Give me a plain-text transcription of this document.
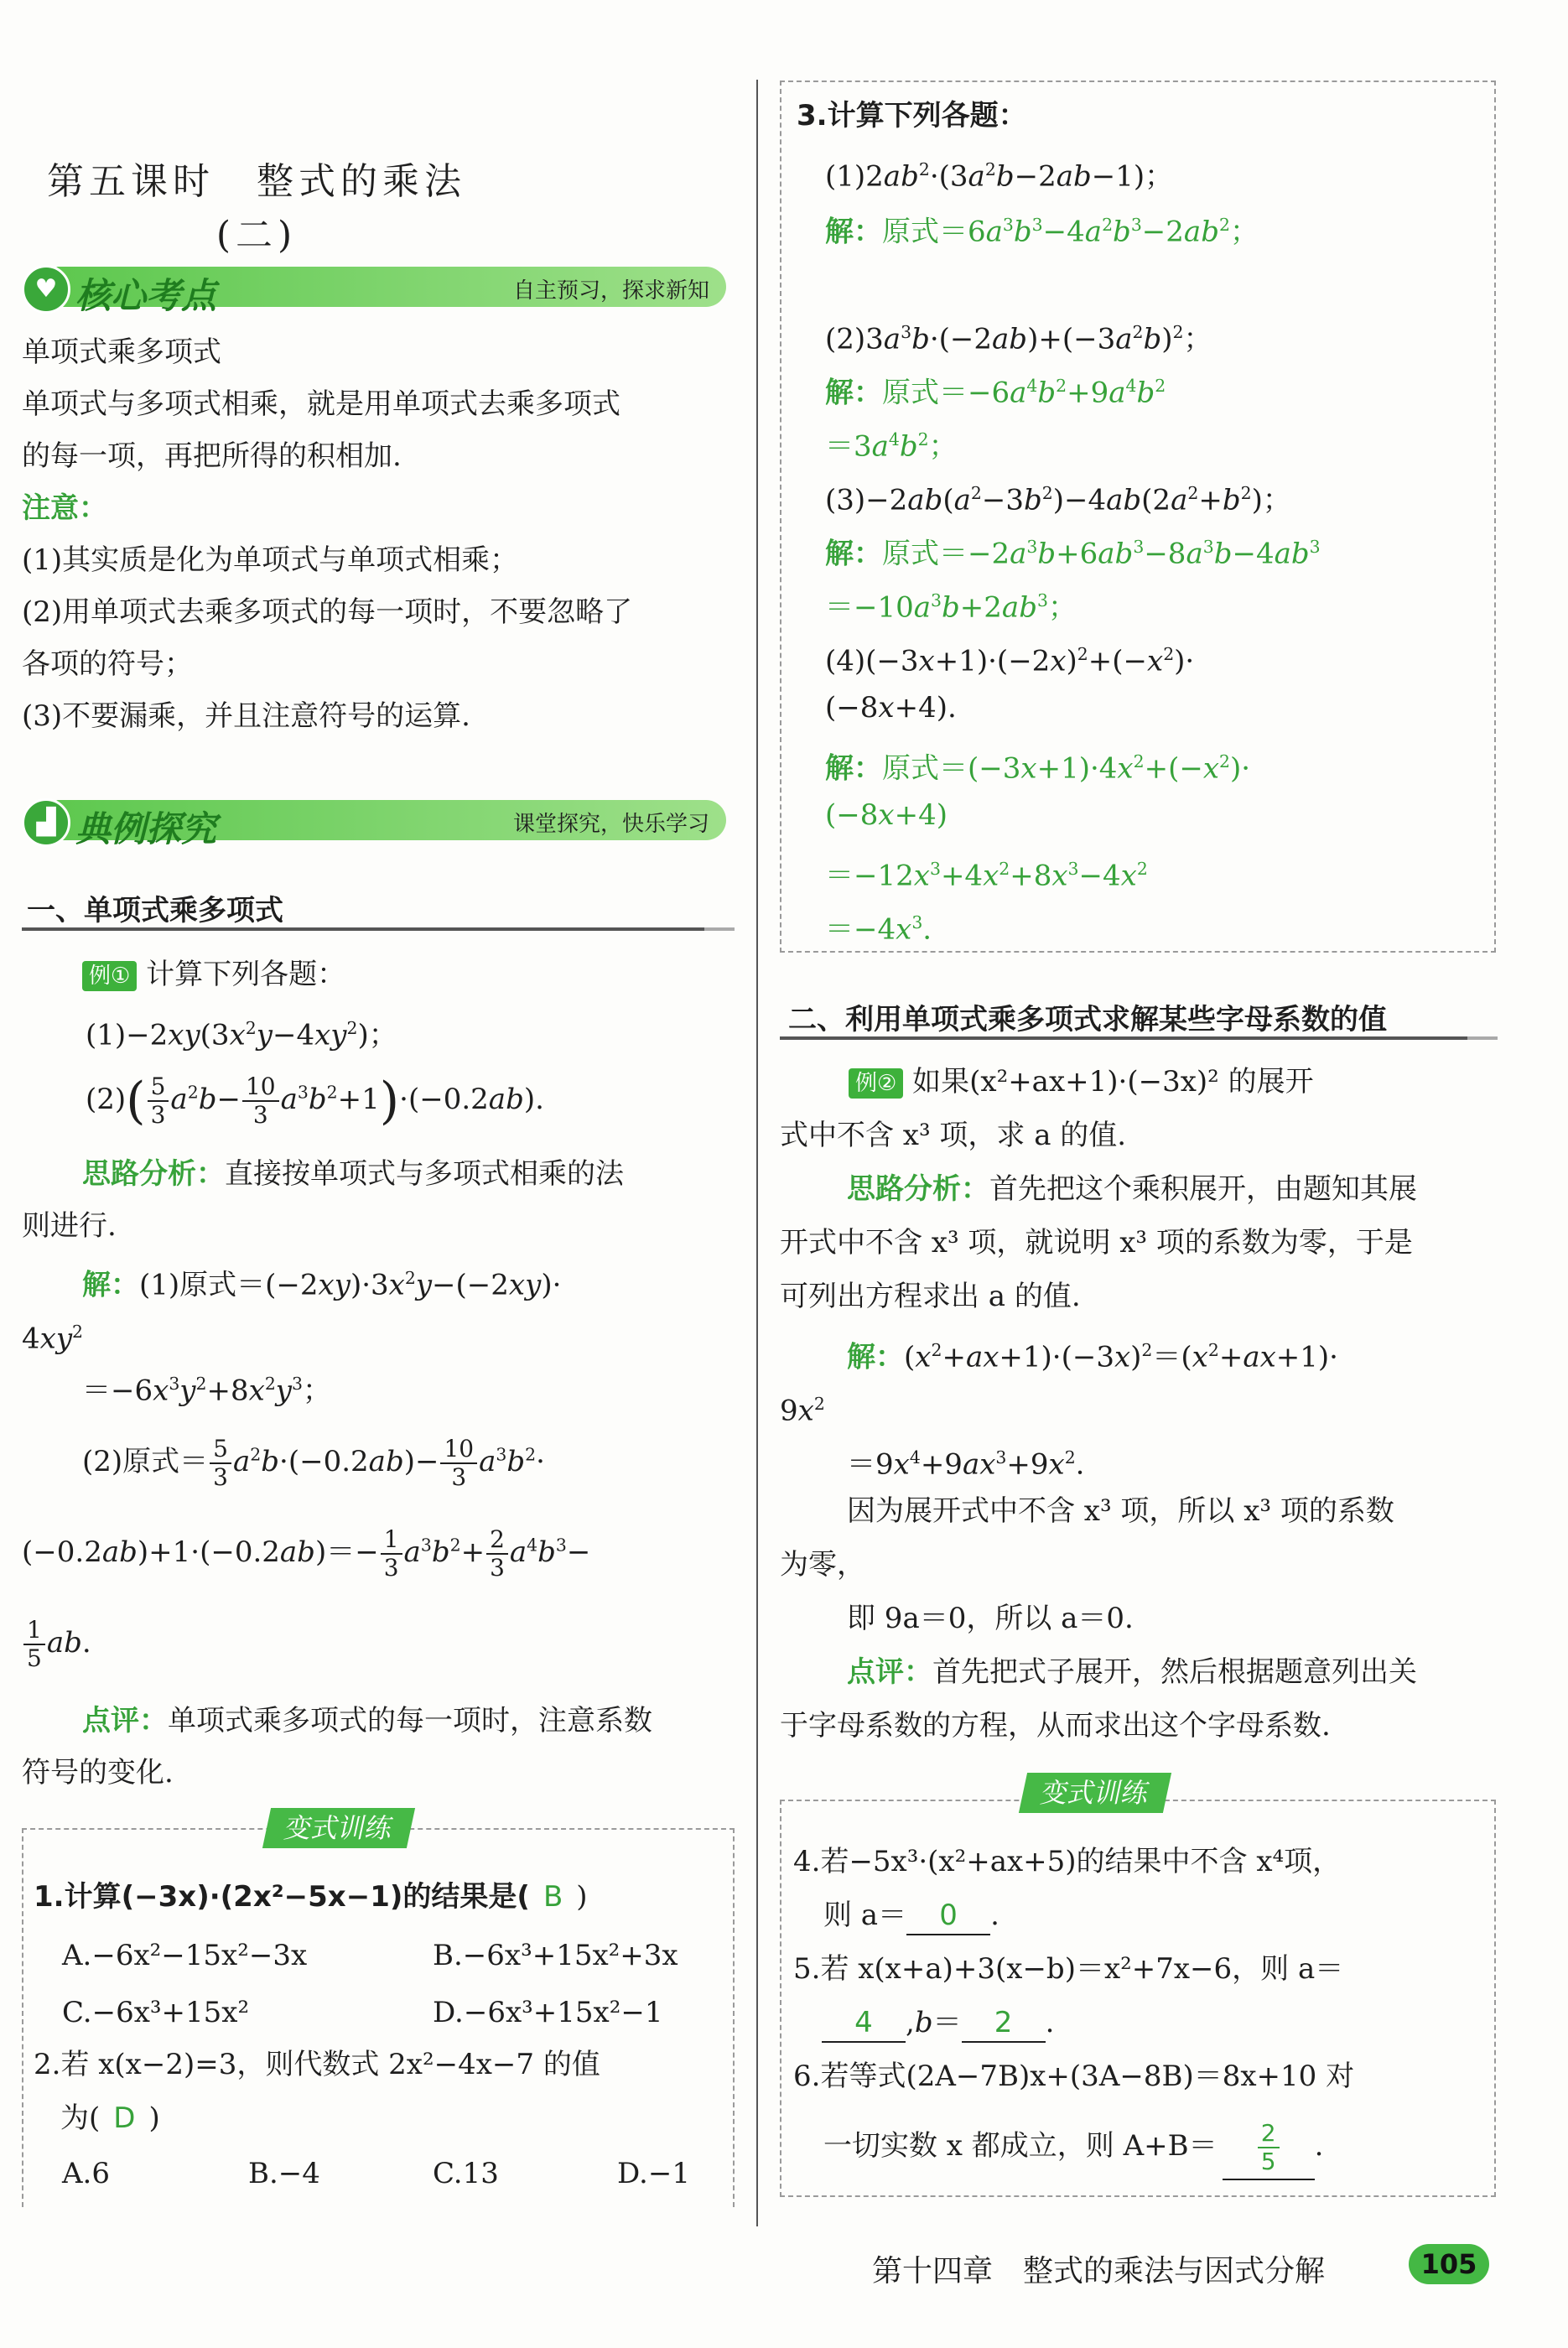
第五课时　整式的乘法(二)
♥ 核心考点	自主预习，探求新知
单项式乘多项式
单项式与多项式相乘，就是用单项式去乘多项式
的每一项，再把所得的积相加.
注意：
(1)其实质是化为单项式与单项式相乘；
(2)用单项式去乘多项式的每一项时，不要忽略了
各项的符号；
(3)不要漏乘，并且注意符号的运算.
▟ 典例探究	课堂探究，快乐学习
一、单项式乘多项式
例① 计算下列各题：
$(1)-2xy(3x^2y-4xy^2)$；
$(2)( \frac{5}{3} a^2b- \frac{10}{3} a^3b^2+1)\cdot(-0.2ab)$.
思路分析：直接按单项式与多项式相乘的法
则进行.
解：(1)原式$=(-2xy)\cdot 3x^2y-(-2xy)\cdot$
$4xy^2$
$=-6x^3y^2+8x^2y^3$；
(2)原式＝ $\frac{5}{3} a^2b\cdot(-0.2ab)- \frac{10}{3} a^3b^2\cdot$
$(-0.2ab)+1\cdot(-0.2ab)=- \frac{1}{3} a^3b^2+ \frac{2}{3} a^4b^3-$
$\frac{1}{5}$ ab.
点评：单项式乘多项式的每一项时，注意系数
符号的变化.
变式训练
1.计算(−3x)·(2x²−5x−1)的结果是( B )
A.−6x²−15x²−3x	B.−6x³+15x²+3x
C.−6x³+15x²	D.−6x³+15x²−1
2.若 x(x−2)=3，则代数式 2x²−4x−7 的值
为( D )
A.6	B.−4	C.13	D.−1
3.计算下列各题：
$(1)2ab^2\cdot(3a^2b-2ab-1)$；
解：原式$=6a^3b^3-4a^2b^3-2ab^2$；
$(2)3a^3b\cdot(-2ab)+(-3a^2b)^2$；
解：原式$=-6a^4b^2+9a^4b^2$
$=3a^4b^2$；
$(3)-2ab(a^2-3b^2)-4ab(2a^2+b^2)$；
解：原式$=-2a^3b+6ab^3-8a^3b-4ab^3$
$=-10a^3b+2ab^3$；
$(4)(-3x+1)\cdot(-2x)^2+(-x^2)\cdot$
(−8x+4).
解：原式$=(-3x+1)\cdot 4x^2+(-x^2)\cdot$
(−8x+4)
$=-12x^3+4x^2+8x^3-4x^2$
$=-4x^3$.
二、利用单项式乘多项式求解某些字母系数的值
例② 如果(x²+ax+1)·(−3x)² 的展开
式中不含 x³ 项，求 a 的值.
思路分析：首先把这个乘积展开，由题知其展
开式中不含 x³ 项，就说明 x³ 项的系数为零，于是
可列出方程求出 a 的值.
解：$(x^2+ax+1)\cdot(-3x)^2=(x^2+ax+1)\cdot$
$9x^2$
$=9x^4+9ax^3+9x^2$.
因为展开式中不含 x³ 项，所以 x³ 项的系数
为零，
即 9a＝0，所以 a＝0.
点评：首先把式子展开，然后根据题意列出关
于字母系数的方程，从而求出这个字母系数.
变式训练
4.若−5x³·(x²+ax+5)的结果中不含 x⁴项，
则 a＝ 0 .
5.若 x(x+a)+3(x−b)＝x²+7x−6，则 a＝
4 ,b＝ 2 .
6.若等式(2A−7B)x+(3A−8B)＝8x+10 对
一切实数 x 都成立，则 $A+B= \frac{2}{5}$ .
第十四章　整式的乘法与因式分解	105
